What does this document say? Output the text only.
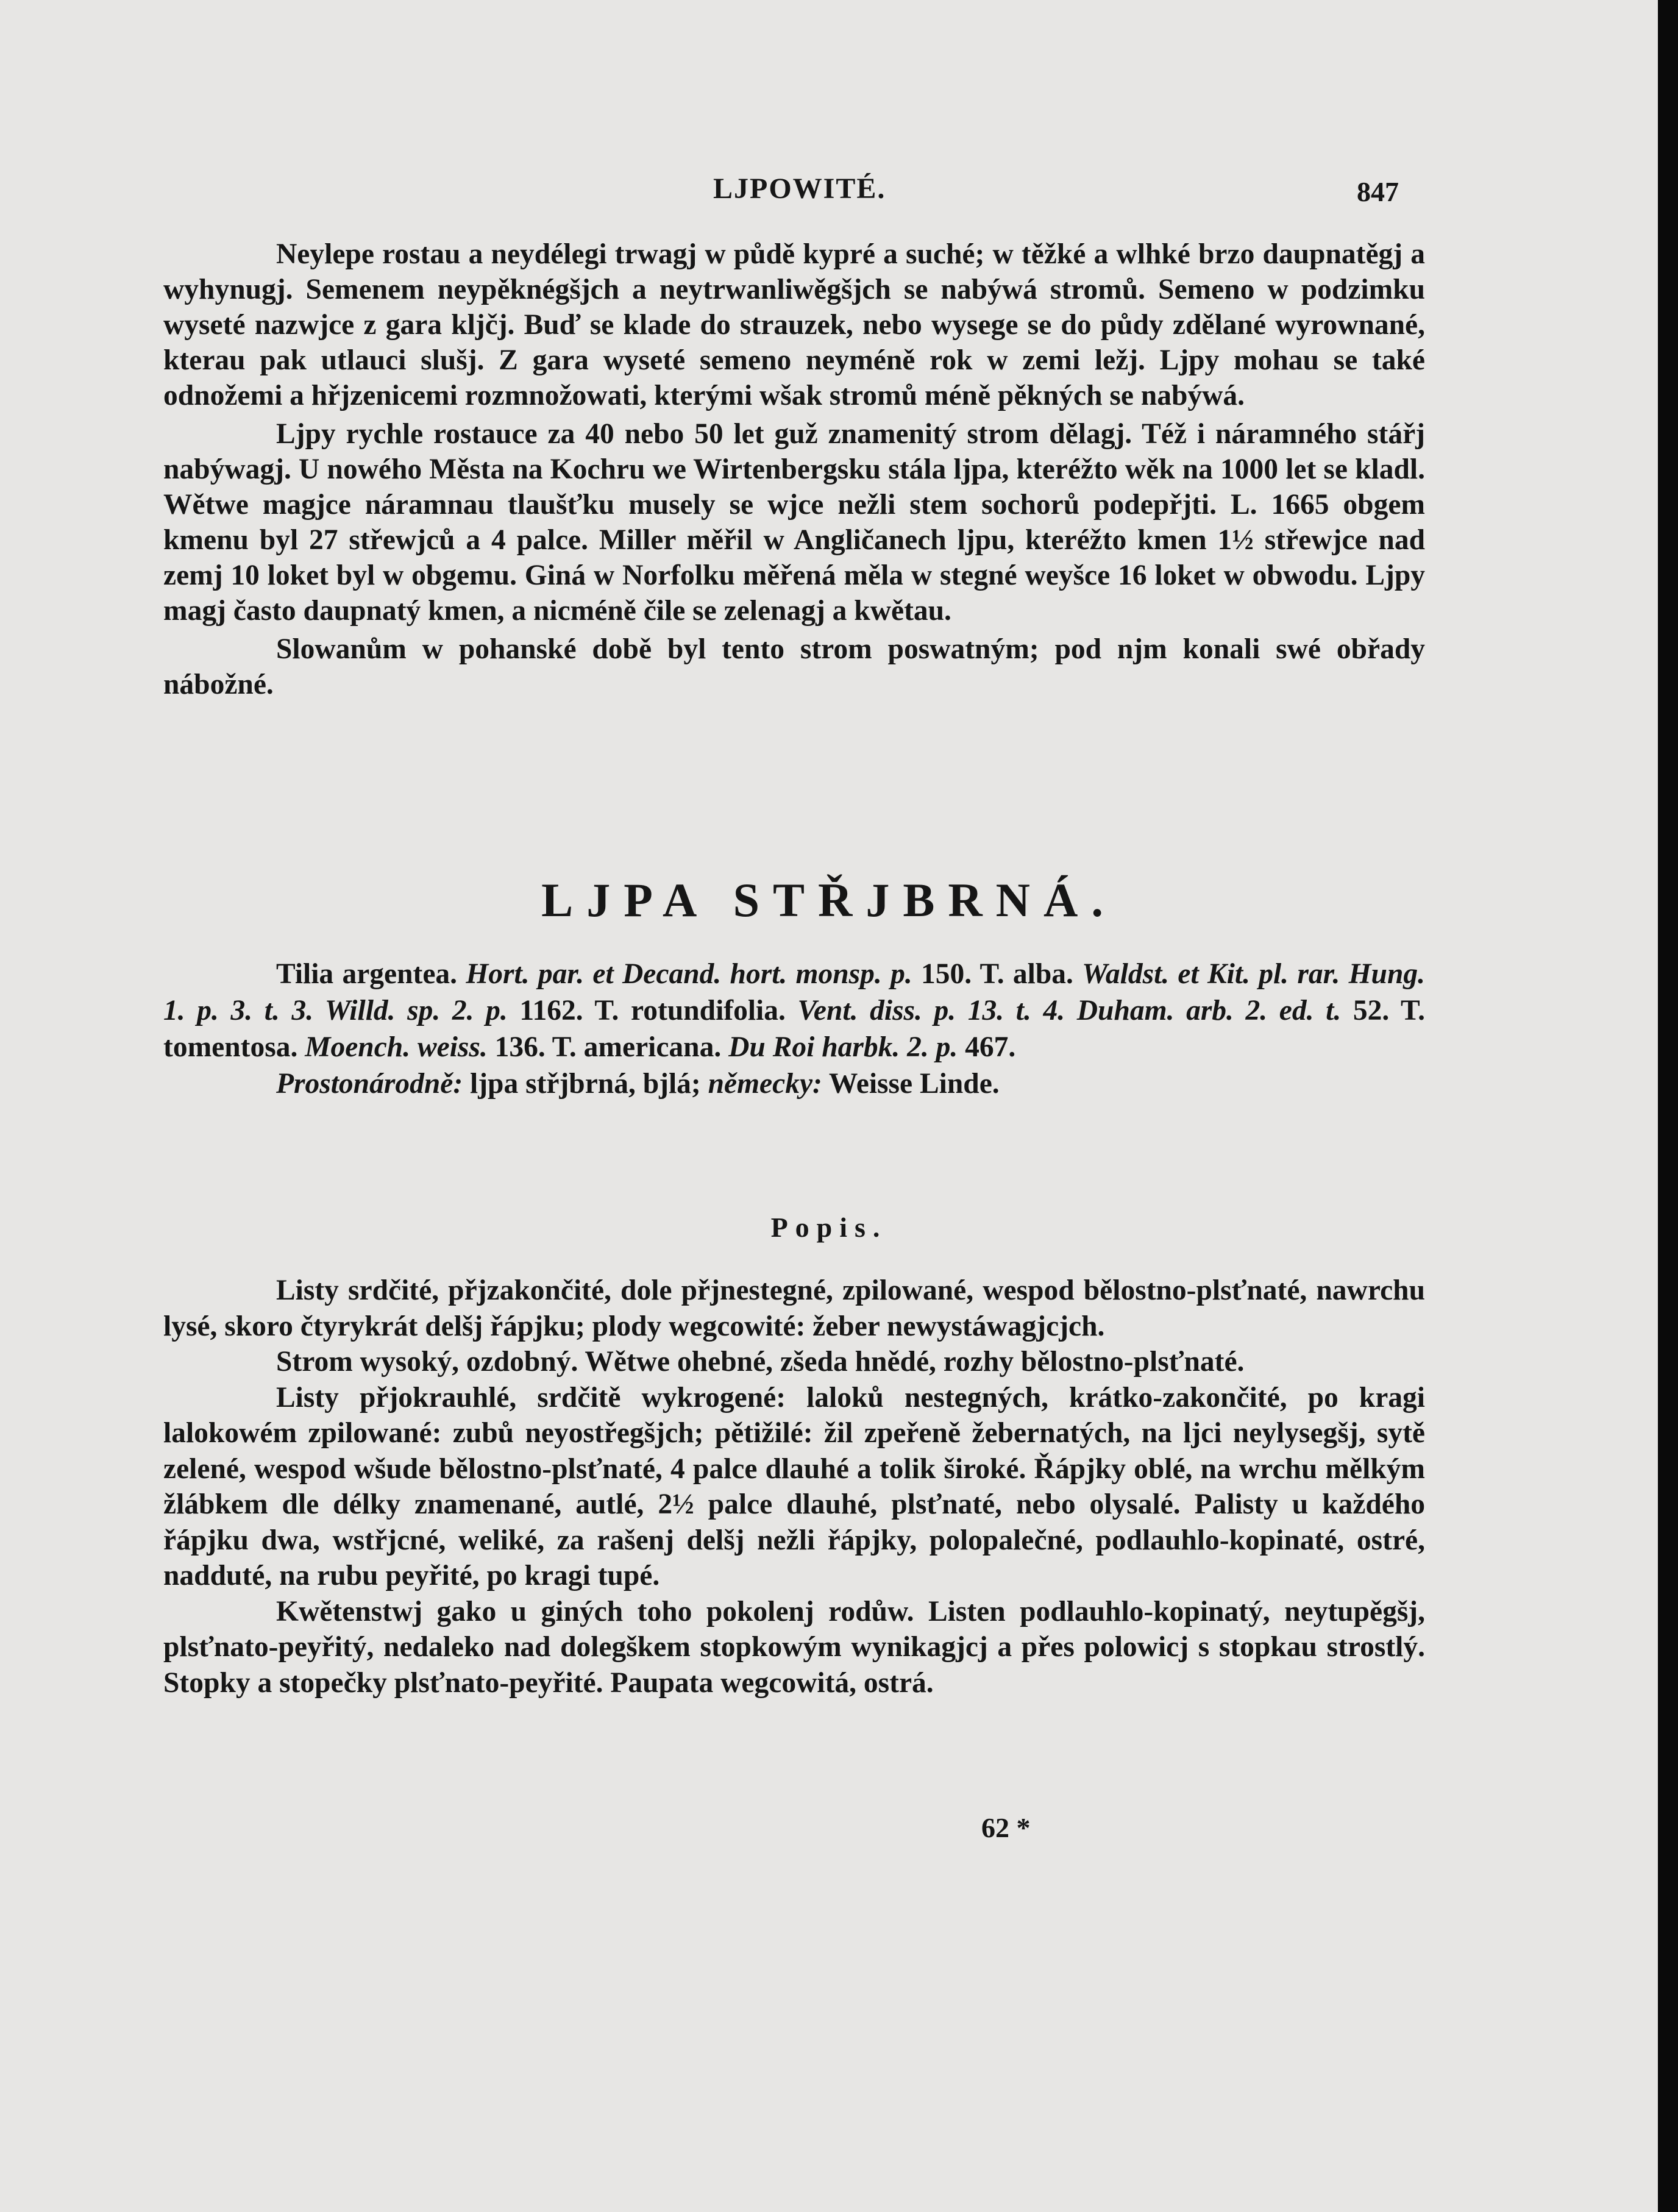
LJPOWITÉ.	847

Neylepe rostau a neydélegi trwagj w půdě kypré a suché; w těžké a wlhké brzo daupnatěgj a wyhynugj. Semenem neypěknégšjch a neytrwanliwěgšjch se nabýwá stromů. Semeno w podzimku wyseté nazwjce z gara kljčj. Buď se klade do strauzek, nebo wysege se do půdy zdělané wyrownané, kterau pak utlauci slušj. Z gara wyseté semeno neyméně rok w zemi ležj. Ljpy mohau se také odnožemi a hřjzenicemi rozmnožowati, kterými wšak stromů méně pěkných se nabýwá.

Ljpy rychle rostauce za 40 nebo 50 let guž znamenitý strom dělagj. Též i náramného stářj nabýwagj. U nowého Města na Kochru we Wirtenbergsku stála ljpa, kteréžto wěk na 1000 let se kladl. Wětwe magjce náramnau tlaušťku musely se wjce nežli stem sochorů podepřjti. L. 1665 obgem kmenu byl 27 střewjců a 4 palce. Miller měřil w Angličanech ljpu, kteréžto kmen 1½ střewjce nad zemj 10 loket byl w obgemu. Giná w Norfolku měřená měla w stegné weyšce 16 loket w obwodu. Ljpy magj často daupnatý kmen, a nicméně čile se zelenagj a kwětau.

Slowanům w pohanské době byl tento strom poswatným; pod njm konali swé obřady nábožné.

LJPA STŘJBRNÁ.

Tilia argentea. Hort. par. et Decand. hort. monsp. p. 150. T. alba. Waldst. et Kit. pl. rar. Hung. 1. p. 3. t. 3. Willd. sp. 2. p. 1162. T. rotundifolia. Vent. diss. p. 13. t. 4. Duham. arb. 2. ed. t. 52. T. tomentosa. Moench. weiss. 136. T. americana. Du Roi harbk. 2. p. 467.

Prostonárodně: ljpa střjbrná, bjlá; německy: Weisse Linde.

Popis.

Listy srdčité, přjzakončité, dole přjnestegné, zpilowané, wespod bělostno-plsťnaté, nawrchu lysé, skoro čtyrykrát delšj řápjku; plody wegcowité: žeber newystáwagjcjch.

Strom wysoký, ozdobný. Wětwe ohebné, zšeda hnědé, rozhy bělostno-plsťnaté.

Listy přjokrauhlé, srdčitě wykrogené: laloků nestegných, krátko-zakončité, po kragi lalokowém zpilowané: zubů neyostřegšjch; pětižilé: žil zpeřeně žebernatých, na ljci neylysegšj, sytě zelené, wespod wšude bělostno-plsťnaté, 4 palce dlauhé a tolik široké. Řápjky oblé, na wrchu mělkým žlábkem dle délky znamenané, autlé, 2½ palce dlauhé, plsťnaté, nebo olysalé. Palisty u každého řápjku dwa, wstřjcné, weliké, za rašenj delšj nežli řápjky, polopalečné, podlauhlo-kopinaté, ostré, nadduté, na rubu peyřité, po kragi tupé.

Kwětenstwj gako u giných toho pokolenj rodůw. Listen podlauhlo-kopinatý, neytupěgšj, plsťnato-peyřitý, nedaleko nad dolegškem stopkowým wynikagjcj a přes polowicj s stopkau strostlý. Stopky a stopečky plsťnato-peyřité. Paupata wegcowitá, ostrá.

62 *
